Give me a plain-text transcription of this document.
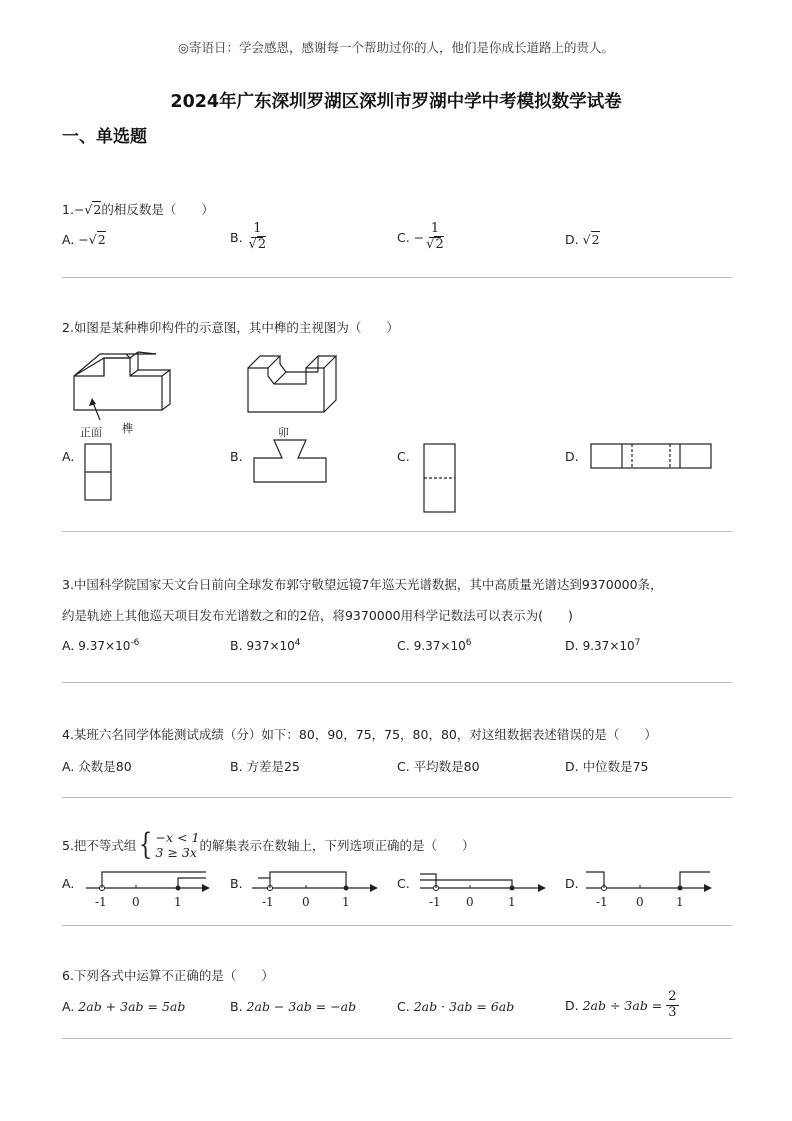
◎寄语日：学会感恩，感谢每一个帮助过你的人，他们是你成长道路上的贵人。
2024年广东深圳罗湖区深圳市罗湖中学中考模拟数学试卷
一、单选题
1.−√2的相反数是（　　）
A. −√2	B. $\frac{1}{√2}$	C. − $\frac{1}{√2}$	D. √2
2.如图是某种榫卯构件的示意图，其中榫的主视图为（　　）
正面 榫
A.	B.
卯
C.	D.
3.中国科学院国家天文台日前向全球发布郭守敬望远镜7年巡天光谱数据，其中高质量光谱达到9370000条，
约是轨迹上其他巡天项目发布光谱数之和的2倍，将9370000用科学记数法可以表示为(　　)
A. $9.37\times 10^{-6}$	B. $937\times 10^4$	C. $9.37\times 10^6$	D. $9.37\times 10^7$
4.某班六名同学体能测试成绩（分）如下：80，90，75，75，80，80，对这组数据表述错误的是（　　）
A. 众数是80	B. 方差是25	C. 平均数是80	D. 中位数是75
5.把不等式组 { −x < 1
3 ≥ 3x 的解集表示在数轴上，下列选项正确的是（　　）
A.
-1 0	1
B.
-1 0	1
C.
-1 0	1
D.
-1 0	1
6.下列各式中运算不正确的是（　　）
A. 2ab + 3ab = 5ab	B. 2ab − 3ab = −ab	C. 2ab · 3ab = 6ab	D.
2ab ÷ 3ab =
$\frac{2}{3}$
